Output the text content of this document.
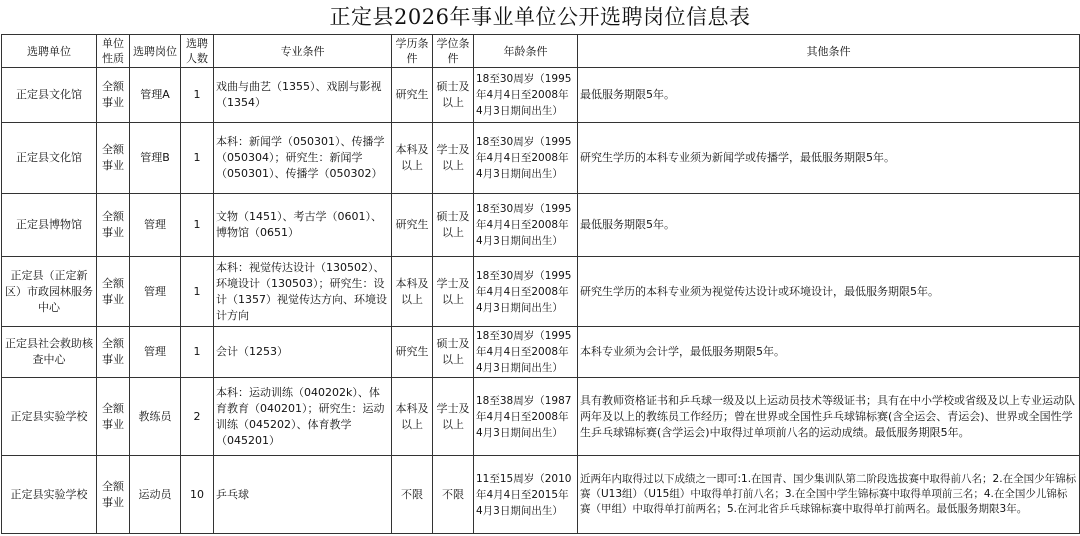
正定县2026年事业单位公开选聘岗位信息表
选聘单位	单位性质	选聘岗位	选聘人数	专业条件	学历条件	学位条件	年龄条件	其他条件
正定县文化馆	全额事业	管理A	1	戏曲与曲艺（1355）、戏剧与影视（1354）	研究生	硕士及以上	18至30周岁（1995年4月4日至2008年4月3日期间出生）	最低服务期限5年。
正定县文化馆	全额事业	管理B	1	本科：新闻学（050301）、传播学（050304）；研究生：新闻学（050301）、传播学（050302）	本科及以上	学士及以上	18至30周岁（1995年4月4日至2008年4月3日期间出生）	研究生学历的本科专业须为新闻学或传播学，最低服务期限5年。
正定县博物馆	全额事业	管理	1	文物（1451）、考古学（0601）、博物馆（0651）	研究生	硕士及以上	18至30周岁（1995年4月4日至2008年4月3日期间出生）	最低服务期限5年。
正定县（正定新区）市政园林服务中心	全额事业	管理	1	本科：视觉传达设计（130502）、环境设计（130503）；研究生：设计（1357）视觉传达方向、环境设计方向	本科及以上	学士及以上	18至30周岁（1995年4月4日至2008年4月3日期间出生）	研究生学历的本科专业须为视觉传达设计或环境设计，最低服务期限5年。
正定县社会救助核查中心	全额事业	管理	1	会计（1253）	研究生	硕士及以上	18至30周岁（1995年4月4日至2008年4月3日期间出生）	本科专业须为会计学，最低服务期限5年。
正定县实验学校	全额事业	教练员	2	本科：运动训练（040202k）、体育教育（040201）；研究生：运动训练（045202）、体育教学（045201）	本科及以上	学士及以上	18至38周岁（1987年4月4日至2008年4月3日期间出生）	具有教师资格证书和乒乓球一级及以上运动员技术等级证书；具有在中小学校或省级及以上专业运动队两年及以上的教练员工作经历；曾在世界或全国性乒乓球锦标赛(含全运会、青运会)、世界或全国性学生乒乓球锦标赛(含学运会)中取得过单项前八名的运动成绩。最低服务期限5年。
正定县实验学校	全额事业	运动员	10	乒乓球	不限	不限	11至15周岁（2010年4月4日至2015年4月3日期间出生）	近两年内取得过以下成绩之一即可:1.在国青、国少集训队第二阶段选拔赛中取得前八名；2.在全国少年锦标赛（U13组）（U15组）中取得单打前八名；3.在全国中学生锦标赛中取得单项前三名；4.在全国少儿锦标赛（甲组）中取得单打前两名；5.在河北省乒乓球锦标赛中取得单打前两名。最低服务期限3年。
